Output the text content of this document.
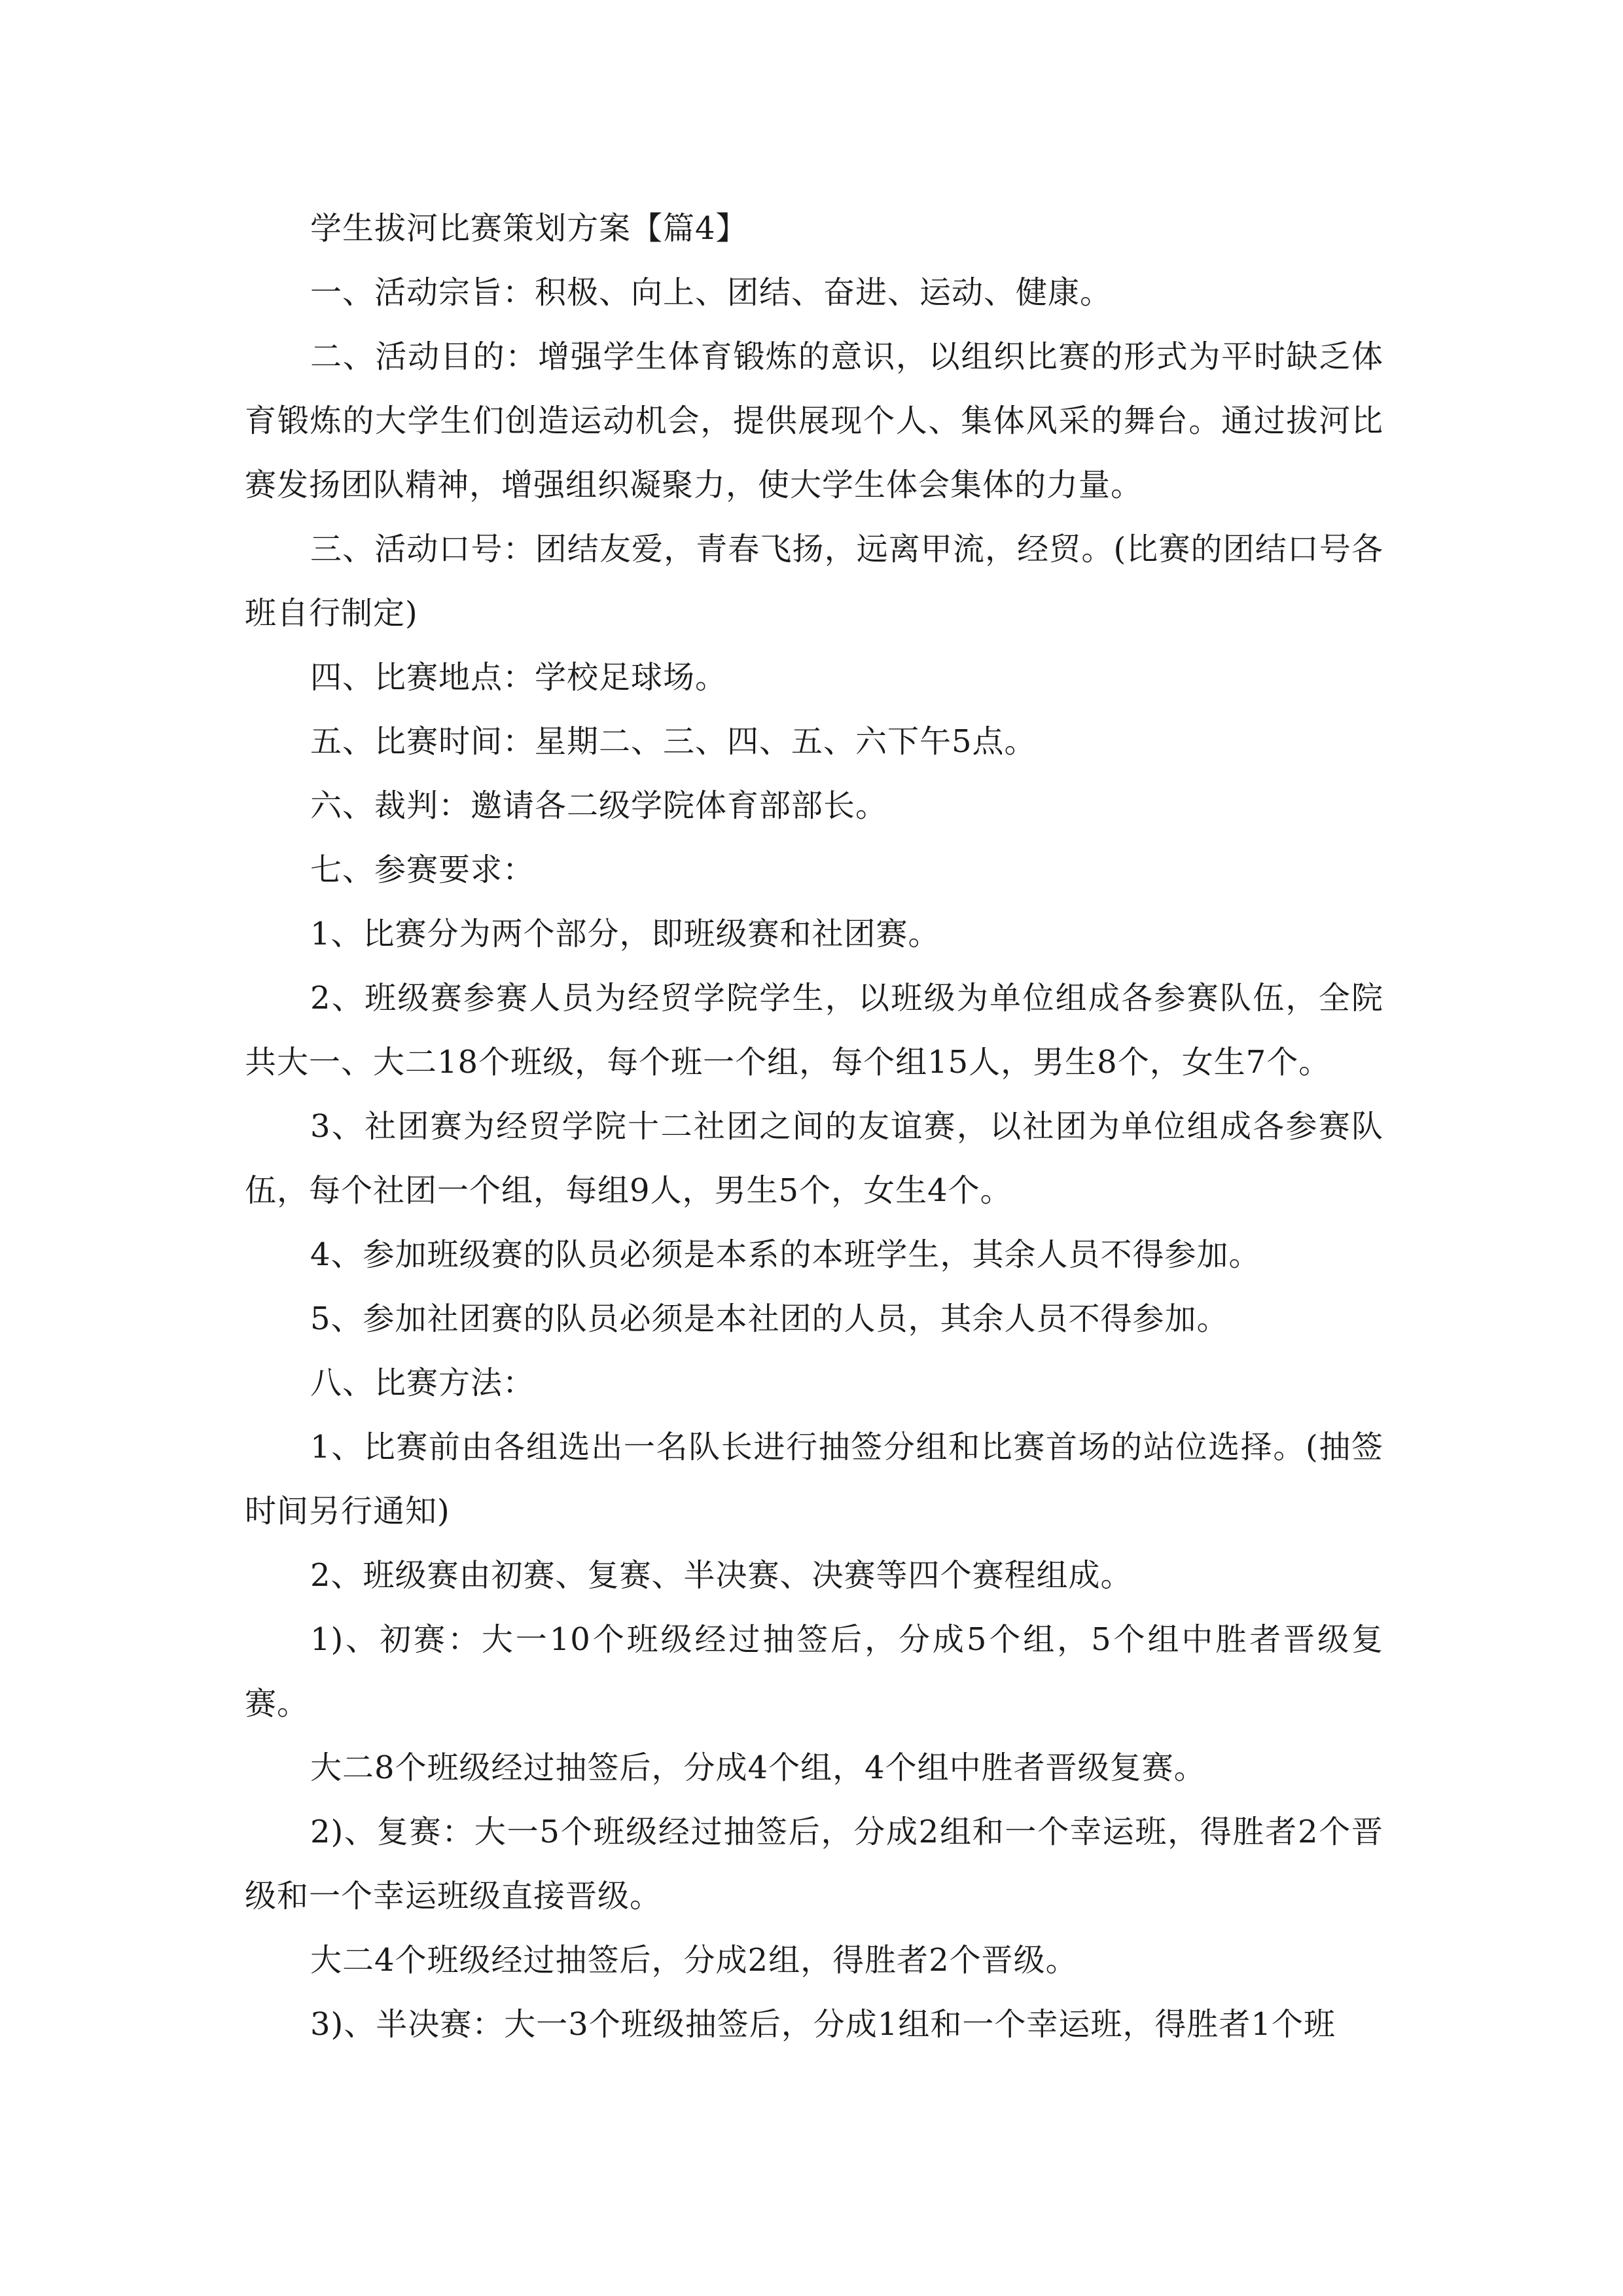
学生拔河比赛策划方案【篇4】

一、活动宗旨：积极、向上、团结、奋进、运动、健康。

二、活动目的：增强学生体育锻炼的意识，以组织比赛的形式为平时缺乏体育锻炼的大学生们创造运动机会，提供展现个人、集体风采的舞台。通过拔河比赛发扬团队精神，增强组织凝聚力，使大学生体会集体的力量。

三、活动口号：团结友爱，青春飞扬，远离甲流，经贸。(比赛的团结口号各班自行制定)

四、比赛地点：学校足球场。

五、比赛时间：星期二、三、四、五、六下午5点。

六、裁判：邀请各二级学院体育部部长。

七、参赛要求：

1、比赛分为两个部分，即班级赛和社团赛。

2、班级赛参赛人员为经贸学院学生，以班级为单位组成各参赛队伍，全院共大一、大二18个班级，每个班一个组，每个组15人，男生8个，女生7个。

3、社团赛为经贸学院十二社团之间的友谊赛，以社团为单位组成各参赛队伍，每个社团一个组，每组9人，男生5个，女生4个。

4、参加班级赛的队员必须是本系的本班学生，其余人员不得参加。

5、参加社团赛的队员必须是本社团的人员，其余人员不得参加。

八、比赛方法：

1、比赛前由各组选出一名队长进行抽签分组和比赛首场的站位选择。(抽签时间另行通知)

2、班级赛由初赛、复赛、半决赛、决赛等四个赛程组成。

1)、初赛：大一10个班级经过抽签后，分成5个组，5个组中胜者晋级复赛。

大二8个班级经过抽签后，分成4个组，4个组中胜者晋级复赛。

2)、复赛：大一5个班级经过抽签后，分成2组和一个幸运班，得胜者2个晋级和一个幸运班级直接晋级。

大二4个班级经过抽签后，分成2组，得胜者2个晋级。

3)、半决赛：大一3个班级抽签后，分成1组和一个幸运班，得胜者1个班
